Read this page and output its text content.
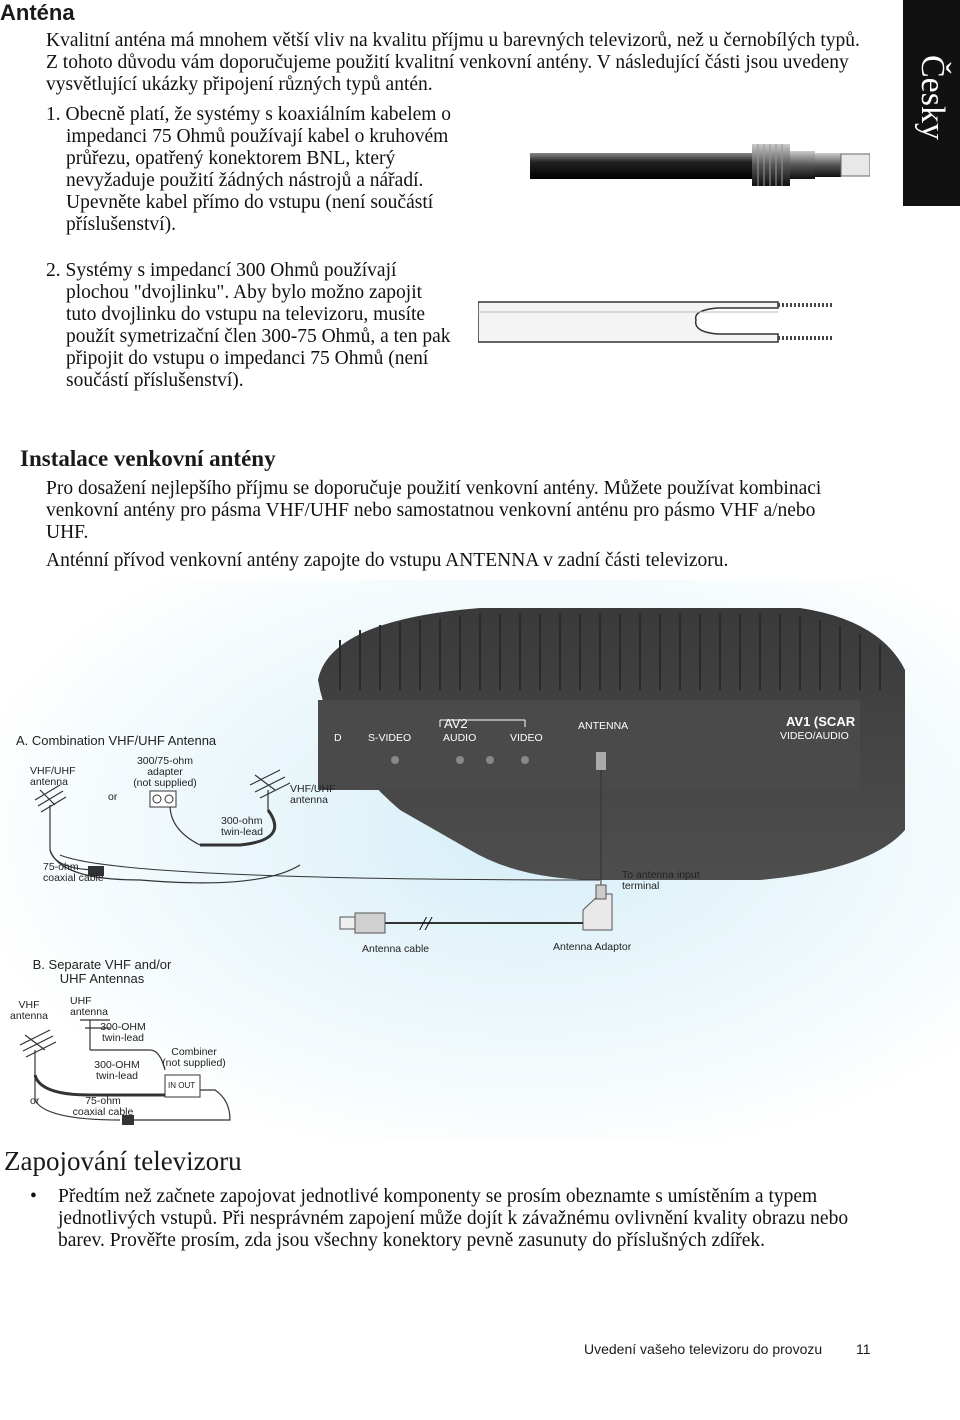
Anténa
Kvalitní anténa má mnohem větší vliv na kvalitu příjmu u barevných televizorů, než u černobílých typů. Z tohoto důvodu vám doporučujeme použití kvalitní venkovní antény. V následující části jsou uvedeny vysvětlující ukázky připojení různých typů antén.
1. Obecně platí, že systémy s koaxiálním kabelem o impedanci 75 Ohmů používají kabel o kruhovém průřezu, opatřený konektorem BNL, který nevyžaduje použití žádných nástrojů a nářadí. Upevněte kabel přímo do vstupu (není součástí příslušenství).
2. Systémy s impedancí 300 Ohmů používají plochou "dvojlinku". Aby bylo možno zapojit tuto dvojlinku do vstupu na televizoru, musíte použít symetrizační člen 300-75 Ohmů, a ten pak připojit do vstupu o impedanci 75 Ohmů (není součástí příslušenství).
Česky
Instalace venkovní antény
Pro dosažení nejlepšího příjmu se doporučuje použití venkovní antény. Můžete používat kombinaci venkovní antény pro pásma VHF/UHF nebo samostatnou venkovní anténu pro pásmo VHF a/nebo UHF.
Anténní přívod venkovní antény zapojte do vstupu ANTENNA v zadní části televizoru.
//
D	S-VIDEO
AV2
AUDIO	VIDEO
ANTENNA	AV1 (SCAR
VIDEO/AUDIO
A. Combination VHF/UHF Antenna
VHF/UHF
antenna
300/75-ohm
adapter
(not supplied)
or
VHF/UHF
antenna
300-ohm
twin-lead
75-ohm
coaxial cable	To antenna input
terminal
Antenna cable	Antenna Adaptor
B. Separate VHF and/or
UHF Antennas
VHF
antenna
UHF
antenna
300-OHM
twin-lead
300-OHM
twin-lead
Combiner
(not supplied)
IN OUT
or	75-ohm
coaxial cable
Zapojování televizoru
• Předtím než začnete zapojovat jednotlivé komponenty se prosím obeznamte s umístěním a typem jednotlivých vstupů. Při nesprávném zapojení může dojít k závažnému ovlivnění kvality obrazu nebo barev. Prověřte prosím, zda jsou všechny konektory pevně zasunuty do příslušných zdířek.
Uvedení vašeho televizoru do provozu 11
